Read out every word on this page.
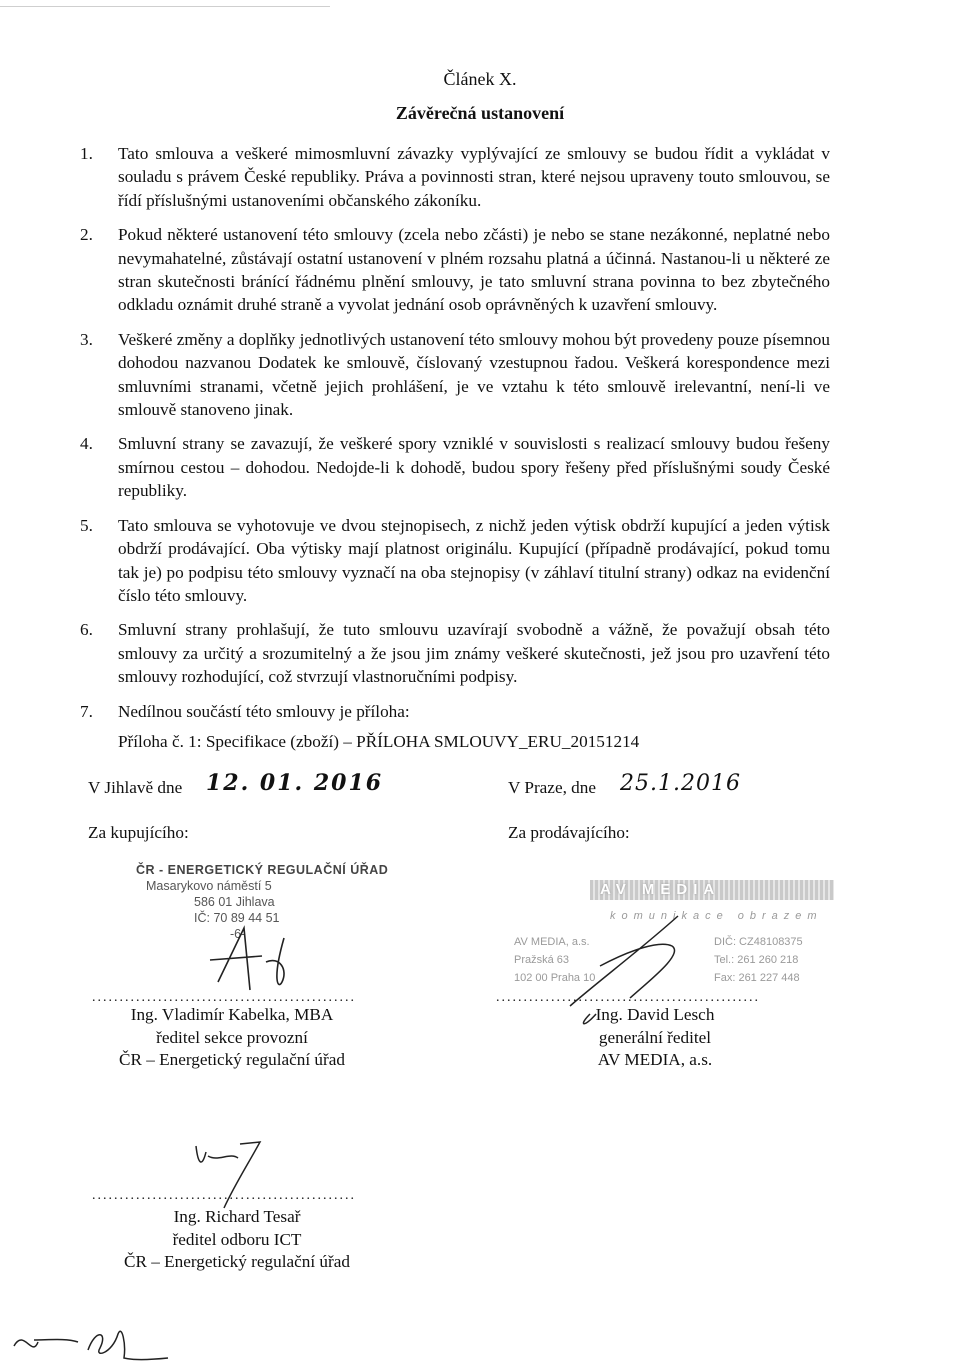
Článek X.
Závěrečná ustanovení
1. Tato smlouva a veškeré mimosmluvní závazky vyplývající ze smlouvy se budou řídit a vykládat v souladu s právem České republiky. Práva a povinnosti stran, které nejsou upraveny touto smlouvou, se řídí příslušnými ustanoveními občanského zákoníku.
2. Pokud některé ustanovení této smlouvy (zcela nebo zčásti) je nebo se stane nezákonné, neplatné nebo nevymahatelné, zůstávají ostatní ustanovení v plném rozsahu platná a účinná. Nastanou-li u některé ze stran skutečnosti bránící řádnému plnění smlouvy, je tato smluvní strana povinna to bez zbytečného odkladu oznámit druhé straně a vyvolat jednání osob oprávněných k uzavření smlouvy.
3. Veškeré změny a doplňky jednotlivých ustanovení této smlouvy mohou být provedeny pouze písemnou dohodou nazvanou Dodatek ke smlouvě, číslovaný vzestupnou řadou. Veškerá korespondence mezi smluvními stranami, včetně jejich prohlášení, je ve vztahu k této smlouvě irelevantní, není-li ve smlouvě stanoveno jinak.
4. Smluvní strany se zavazují, že veškeré spory vzniklé v souvislosti s realizací smlouvy budou řešeny smírnou cestou – dohodou. Nedojde-li k dohodě, budou spory řešeny před příslušnými soudy České republiky.
5. Tato smlouva se vyhotovuje ve dvou stejnopisech, z nichž jeden výtisk obdrží kupující a jeden výtisk obdrží prodávající. Oba výtisky mají platnost originálu. Kupující (případně prodávající, pokud tomu tak je) po podpisu této smlouvy vyznačí na oba stejnopisy (v záhlaví titulní strany) odkaz na evidenční číslo této smlouvy.
6. Smluvní strany prohlašují, že tuto smlouvu uzavírají svobodně a vážně, že považují obsah této smlouvy za určitý a srozumitelný a že jsou jim známy veškeré skutečnosti, jež jsou pro uzavření této smlouvy rozhodující, což stvrzují vlastnoručními podpisy.
7. Nedílnou součástí této smlouvy je příloha:
Příloha č. 1: Specifikace (zboží) – PŘÍLOHA SMLOUVY_ERU_20151214
V Jihlavě dne 12. 01. 2016
Za kupujícího:
ČR - ENERGETICKÝ REGULAČNÍ ÚŘAD
Masarykovo náměstí 5
586 01 Jihlava
IČ: 70 89 44 51
-6-
................................................
Ing. Vladimír Kabelka, MBA
ředitel sekce provozní
ČR – Energetický regulační úřad
V Praze, dne 25.1.2016
Za prodávajícího:
AV MEDIA
komunikace obrazem
AV MEDIA, a.s.	DIČ: CZ48108375
Pražská 63	Tel.: 261 260 218
102 00 Praha 10	Fax: 261 227 448
................................................
Ing. David Lesch
generální ředitel
AV MEDIA, a.s.
................................................
Ing. Richard Tesař
ředitel odboru ICT
ČR – Energetický regulační úřad
